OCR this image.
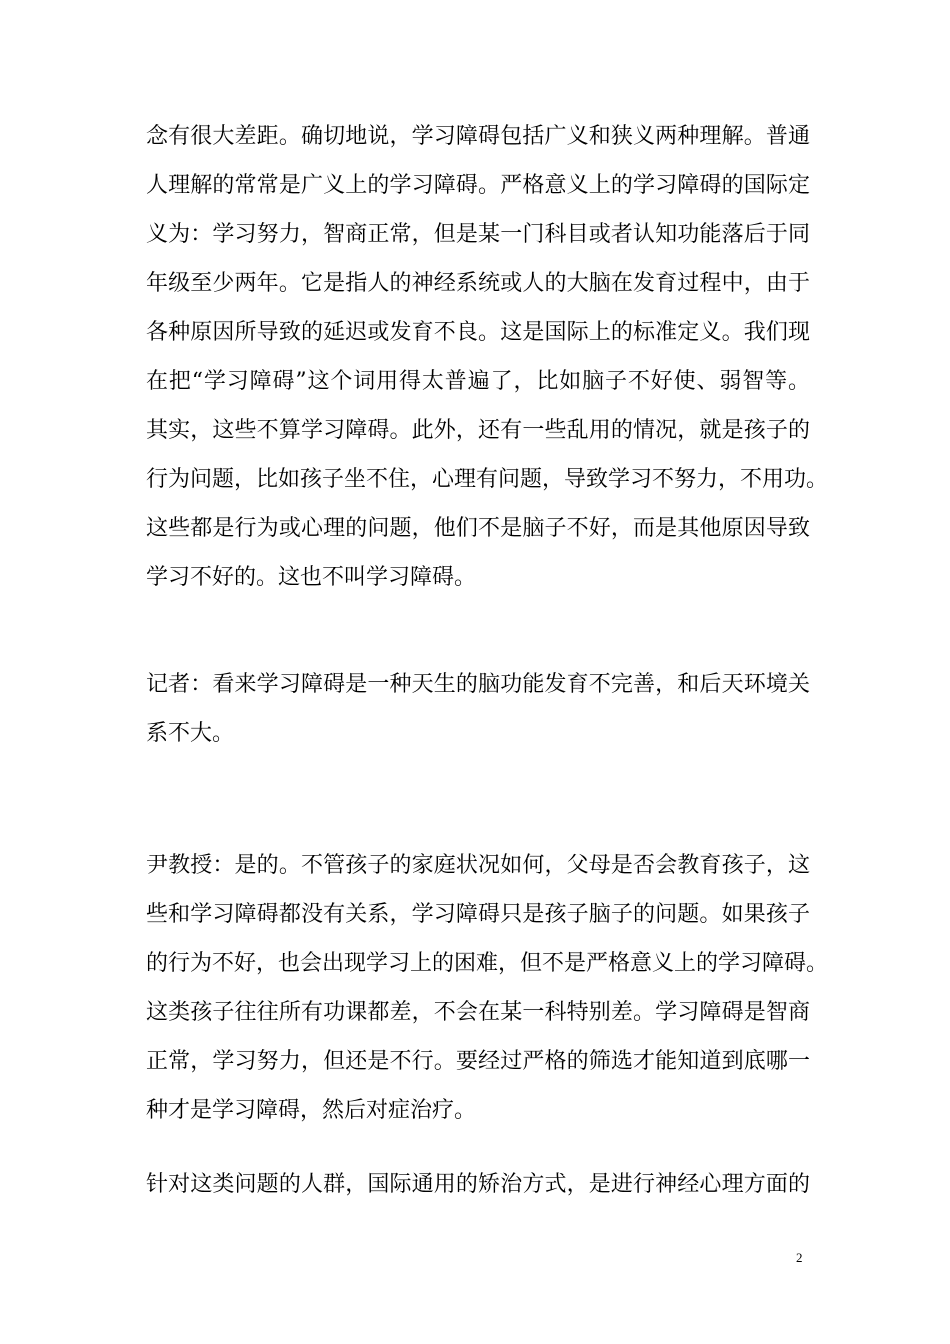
念有很大差距。确切地说，学习障碍包括广义和狭义两种理解。普通
人理解的常常是广义上的学习障碍。严格意义上的学习障碍的国际定
义为：学习努力，智商正常，但是某一门科目或者认知功能落后于同
年级至少两年。它是指人的神经系统或人的大脑在发育过程中，由于
各种原因所导致的延迟或发育不良。这是国际上的标准定义。我们现
在把“学习障碍”这个词用得太普遍了，比如脑子不好使、弱智等。
其实，这些不算学习障碍。此外，还有一些乱用的情况，就是孩子的
行为问题，比如孩子坐不住，心理有问题，导致学习不努力，不用功。
这些都是行为或心理的问题，他们不是脑子不好，而是其他原因导致
学习不好的。这也不叫学习障碍。
记者：看来学习障碍是一种天生的脑功能发育不完善，和后天环境关
系不大。
尹教授：是的。不管孩子的家庭状况如何，父母是否会教育孩子，这
些和学习障碍都没有关系，学习障碍只是孩子脑子的问题。如果孩子
的行为不好，也会出现学习上的困难，但不是严格意义上的学习障碍。
这类孩子往往所有功课都差，不会在某一科特别差。学习障碍是智商
正常，学习努力，但还是不行。要经过严格的筛选才能知道到底哪一
种才是学习障碍，然后对症治疗。
针对这类问题的人群，国际通用的矫治方式，是进行神经心理方面的
2
